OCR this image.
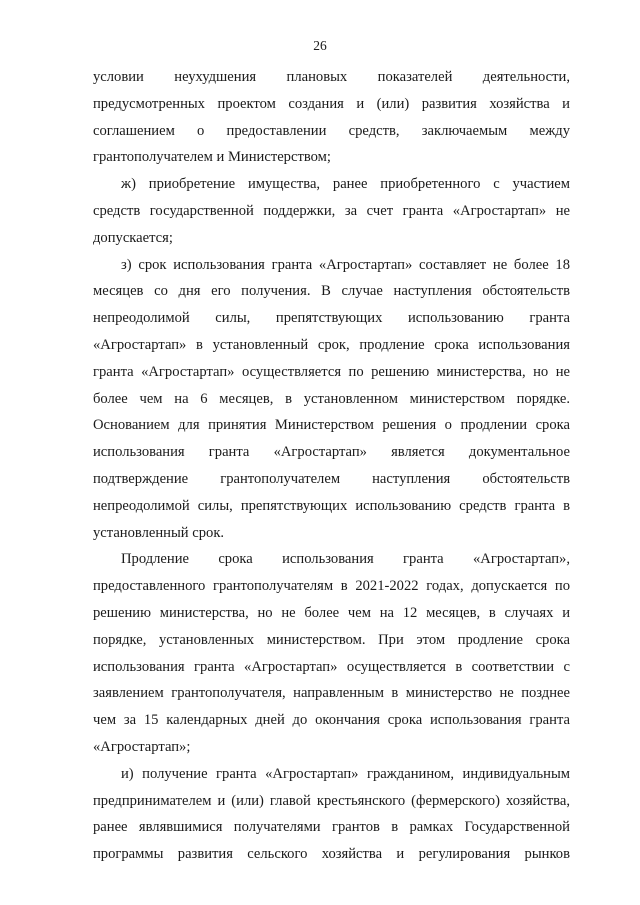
26

условии неухудшения плановых показателей деятельности,
предусмотренных проектом создания и (или) развития хозяйства и
соглашением о предоставлении средств, заключаемым между
грантополучателем и Министерством;

ж) приобретение имущества, ранее приобретенного с участием
средств государственной поддержки, за счет гранта «Агростартап» не
допускается;

з) срок использования гранта «Агростартап» составляет не более 18
месяцев со дня его получения. В случае наступления обстоятельств
непреодолимой силы, препятствующих использованию гранта
«Агростартап» в установленный срок, продление срока использования
гранта «Агростартап» осуществляется по решению министерства, но не
более чем на 6 месяцев, в установленном министерством порядке.
Основанием для принятия Министерством решения о продлении срока
использования гранта «Агростартап» является документальное
подтверждение грантополучателем наступления обстоятельств
непреодолимой силы, препятствующих использованию средств гранта в
установленный срок.

Продление срока использования гранта «Агростартап»,
предоставленного грантополучателям в 2021-2022 годах, допускается по
решению министерства, но не более чем на 12 месяцев, в случаях и
порядке, установленных министерством. При этом продление срока
использования гранта «Агростартап» осуществляется в соответствии с
заявлением грантополучателя, направленным в министерство не позднее
чем за 15 календарных дней до окончания срока использования гранта
«Агростартап»;

и) получение гранта «Агростартап» гражданином, индивидуальным
предпринимателем и (или) главой крестьянского (фермерского) хозяйства,
ранее являвшимися получателями грантов в рамках Государственной
программы развития сельского хозяйства и регулирования рынков
